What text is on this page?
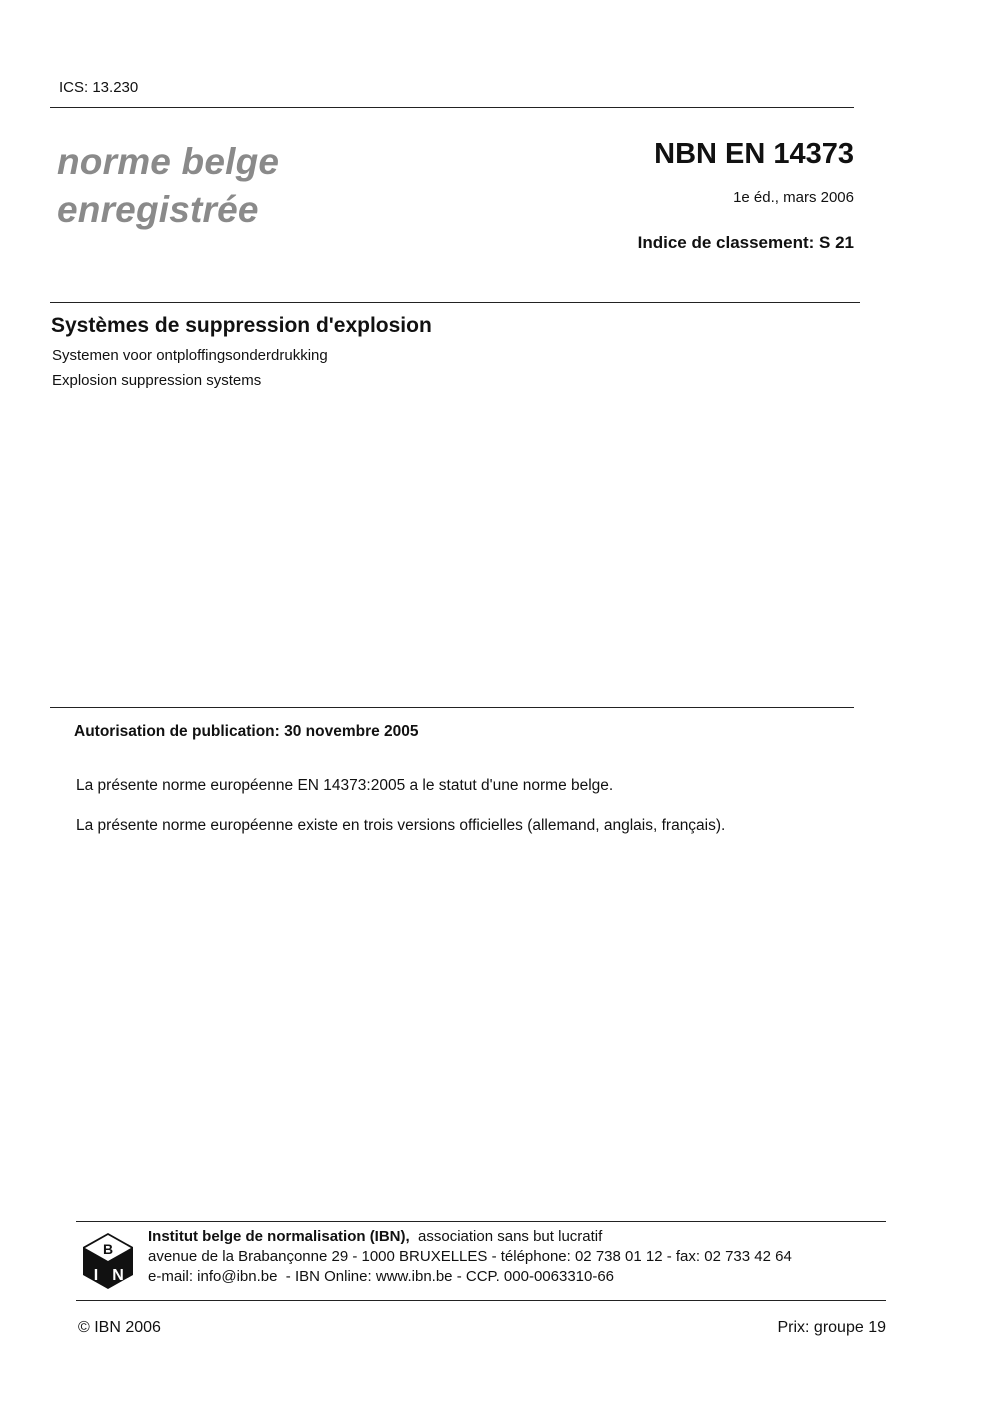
ICS: 13.230
norme belge
enregistrée
NBN EN 14373
1e éd., mars 2006
Indice de classement: S 21
Systèmes de suppression d'explosion
Systemen voor ontploffingsonderdrukking
Explosion suppression systems
Autorisation de publication: 30 novembre 2005
La présente norme européenne EN 14373:2005 a le statut d'une norme belge.
La présente norme européenne existe en trois versions officielles (allemand, anglais, français).
B
I N
Institut belge de normalisation (IBN),  association sans but lucratif
avenue de la Brabançonne 29 - 1000 BRUXELLES - téléphone: 02 738 01 12 - fax: 02 733 42 64
e-mail: info@ibn.be  - IBN Online: www.ibn.be - CCP. 000-0063310-66
© IBN 2006	Prix: groupe 19
